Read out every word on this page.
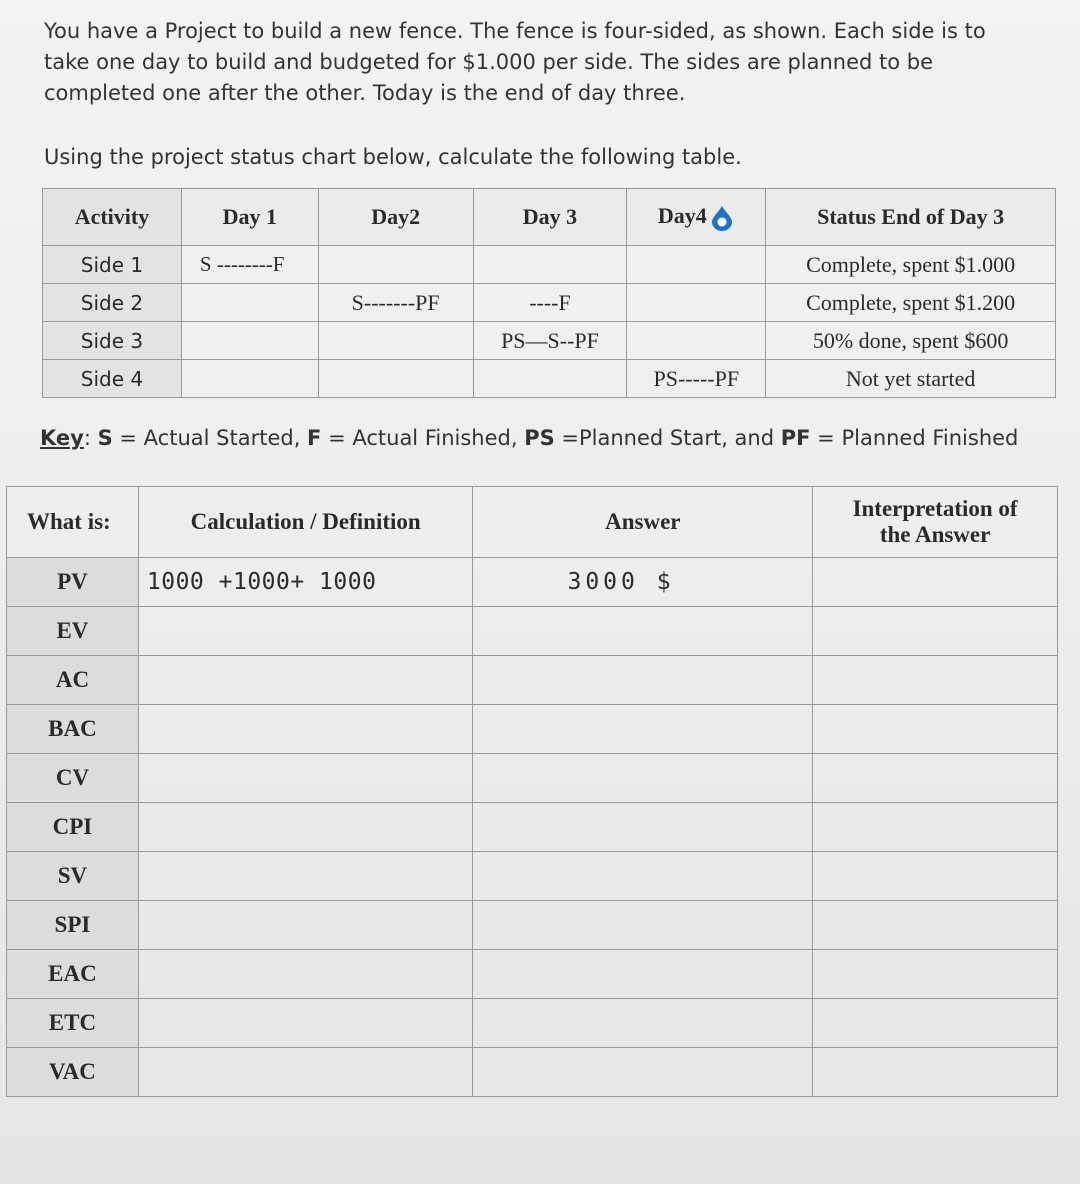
You have a Project to build a new fence. The fence is four-sided, as shown. Each side is to take one day to build and budgeted for $1.000 per side. The sides are planned to be completed one after the other. Today is the end of day three.
Using the project status chart below, calculate the following table.
Activity	Day 1	Day2	Day 3	Day4	Status End of Day 3
Side 1	S --------F				Complete, spent $1.000
Side 2		S-------PF	----F		Complete, spent $1.200
Side 3			PS—S--PF		50% done, spent $600
Side 4				PS-----PF	Not yet started
Key: S = Actual Started, F = Actual Finished, PS =Planned Start, and PF = Planned Finished
What is:	Calculation / Definition	Answer	Interpretation of
the Answer

PV	1000 +1000+ 1000	3000 $	
EV			
AC			
BAC			
CV			
CPI			
SV			
SPI			
EAC			
ETC			
VAC			
